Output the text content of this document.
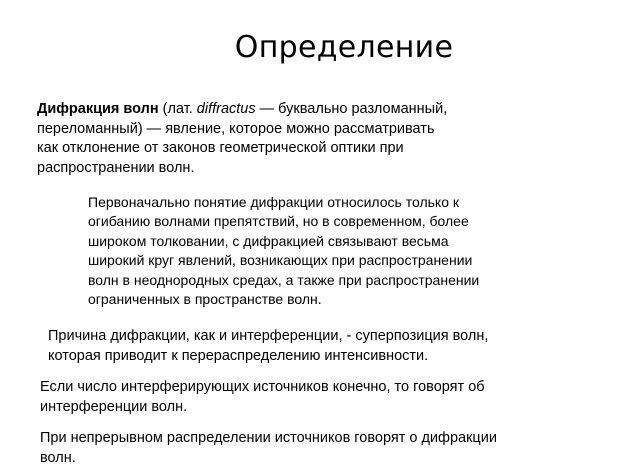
Определение
Дифракция волн (лат. diffractus — буквально разломанный,
переломанный) — явление, которое можно рассматривать
как отклонение от законов геометрической оптики при
распространении волн.
Первоначально понятие дифракции относилось только к
огибанию волнами препятствий, но в современном, более
широком толковании, с дифракцией связывают весьма
широкий круг явлений, возникающих при распространении
волн в неоднородных средах, а также при распространении
ограниченных в пространстве волн.
Причина дифракции, как и интерференции, - суперпозиция волн,
которая приводит к перераспределению интенсивности.
Если число интерферирующих источников конечно, то говорят об
интерференции волн.
При непрерывном распределении источников говорят о дифракции
волн.
